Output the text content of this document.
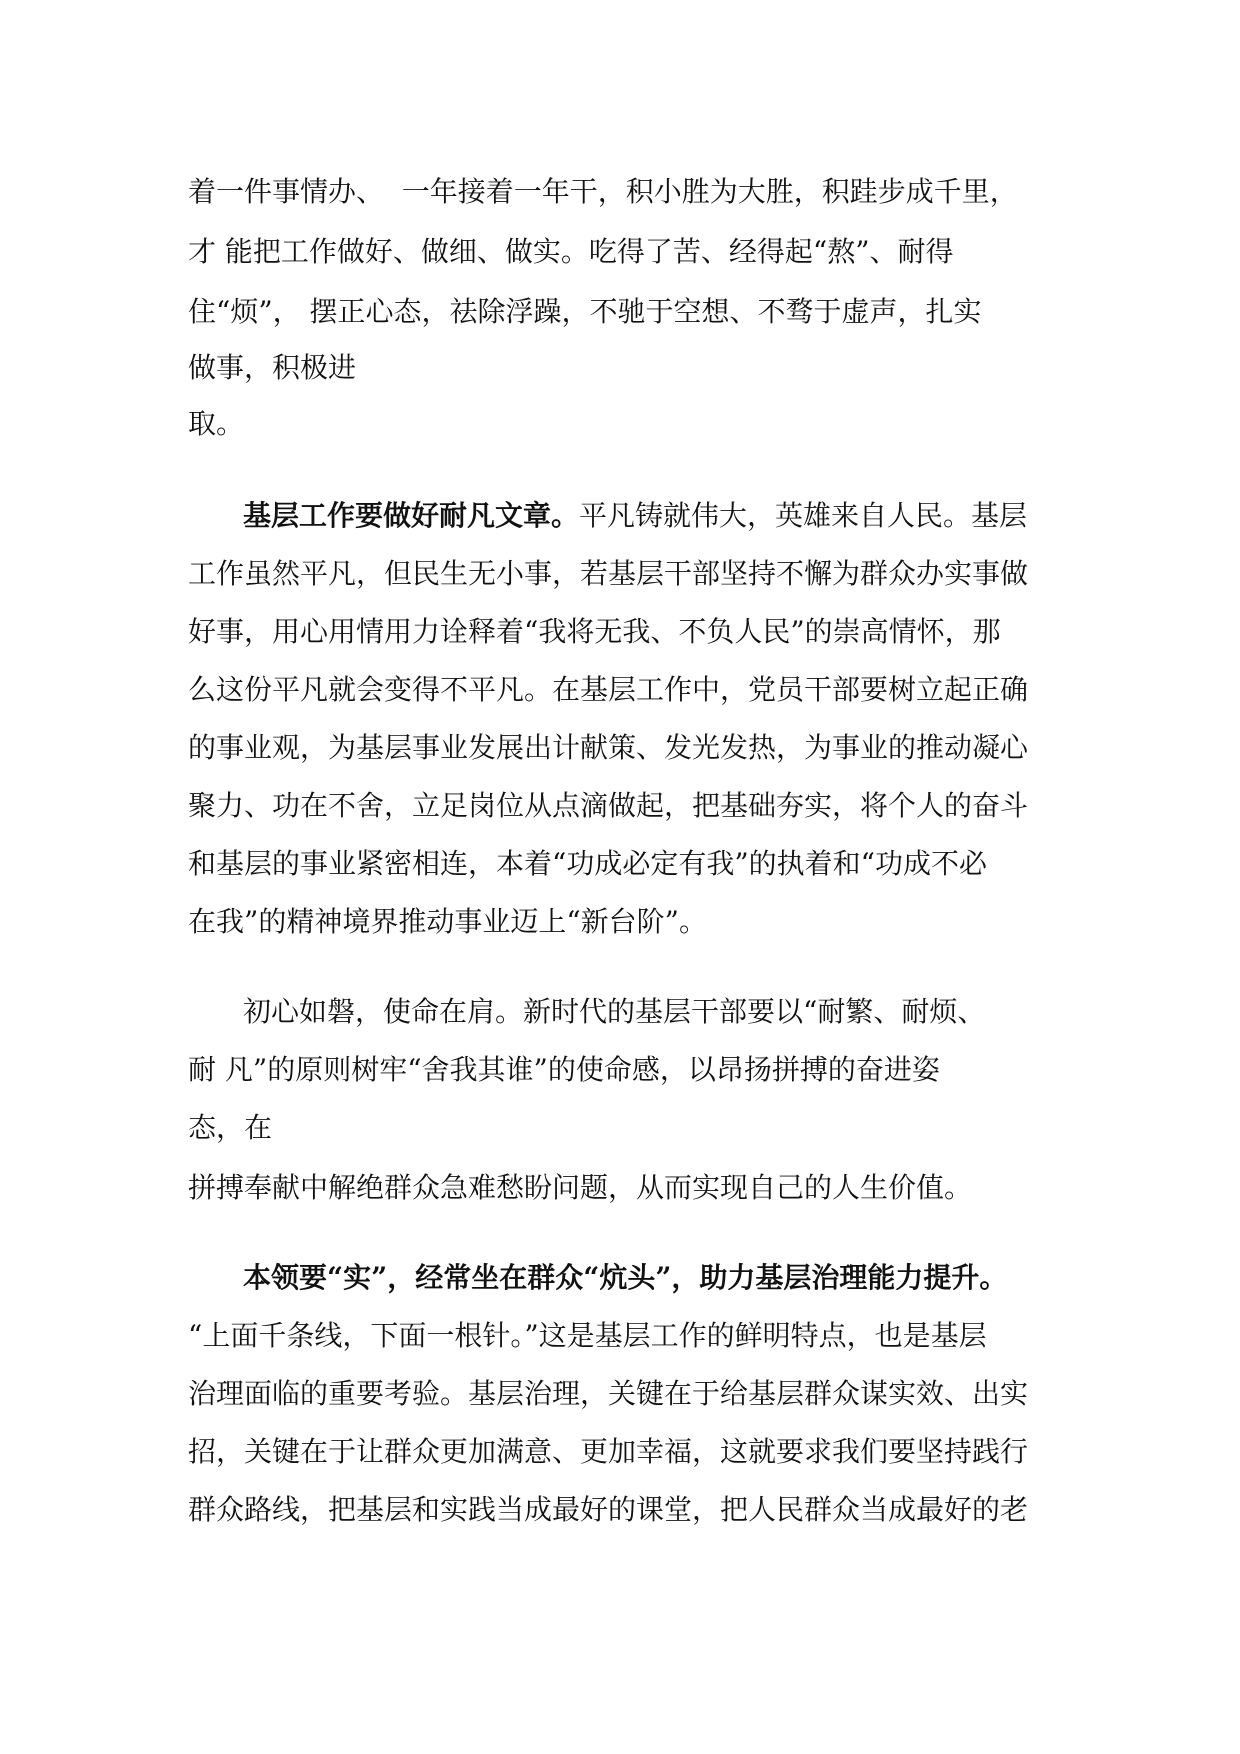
着一件事情办、  一年接着一年干，积小胜为大胜，积跬步成千里，
才 能把工作做好、做细、做实。吃得了苦、经得起“熬”、耐得
住“烦”， 摆正心态，祛除浮躁，不驰于空想、不骛于虚声，扎实
做事，积极进
取。
基层工作要做好耐凡文章。平凡铸就伟大，英雄来自人民。基层
工作虽然平凡，但民生无小事，若基层干部坚持不懈为群众办实事做
好事，用心用情用力诠释着“我将无我、不负人民”的崇高情怀，那
么这份平凡就会变得不平凡。在基层工作中，党员干部要树立起正确
的事业观，为基层事业发展出计献策、发光发热，为事业的推动凝心
聚力、功在不舍，立足岗位从点滴做起，把基础夯实，将个人的奋斗
和基层的事业紧密相连，本着“功成必定有我”的执着和“功成不必
在我”的精神境界推动事业迈上“新台阶”。
初心如磐，使命在肩。新时代的基层干部要以“耐繁、耐烦、
耐 凡”的原则树牢“舍我其谁”的使命感，以昂扬拼搏的奋进姿
态，在
拼搏奉献中解绝群众急难愁盼问题，从而实现自己的人生价值。
本领要“实”，经常坐在群众“炕头”，助力基层治理能力提升。
“上面千条线，下面一根针。”这是基层工作的鲜明特点，也是基层
治理面临的重要考验。基层治理，关键在于给基层群众谋实效、出实
招，关键在于让群众更加满意、更加幸福，这就要求我们要坚持践行
群众路线，把基层和实践当成最好的课堂，把人民群众当成最好的老
